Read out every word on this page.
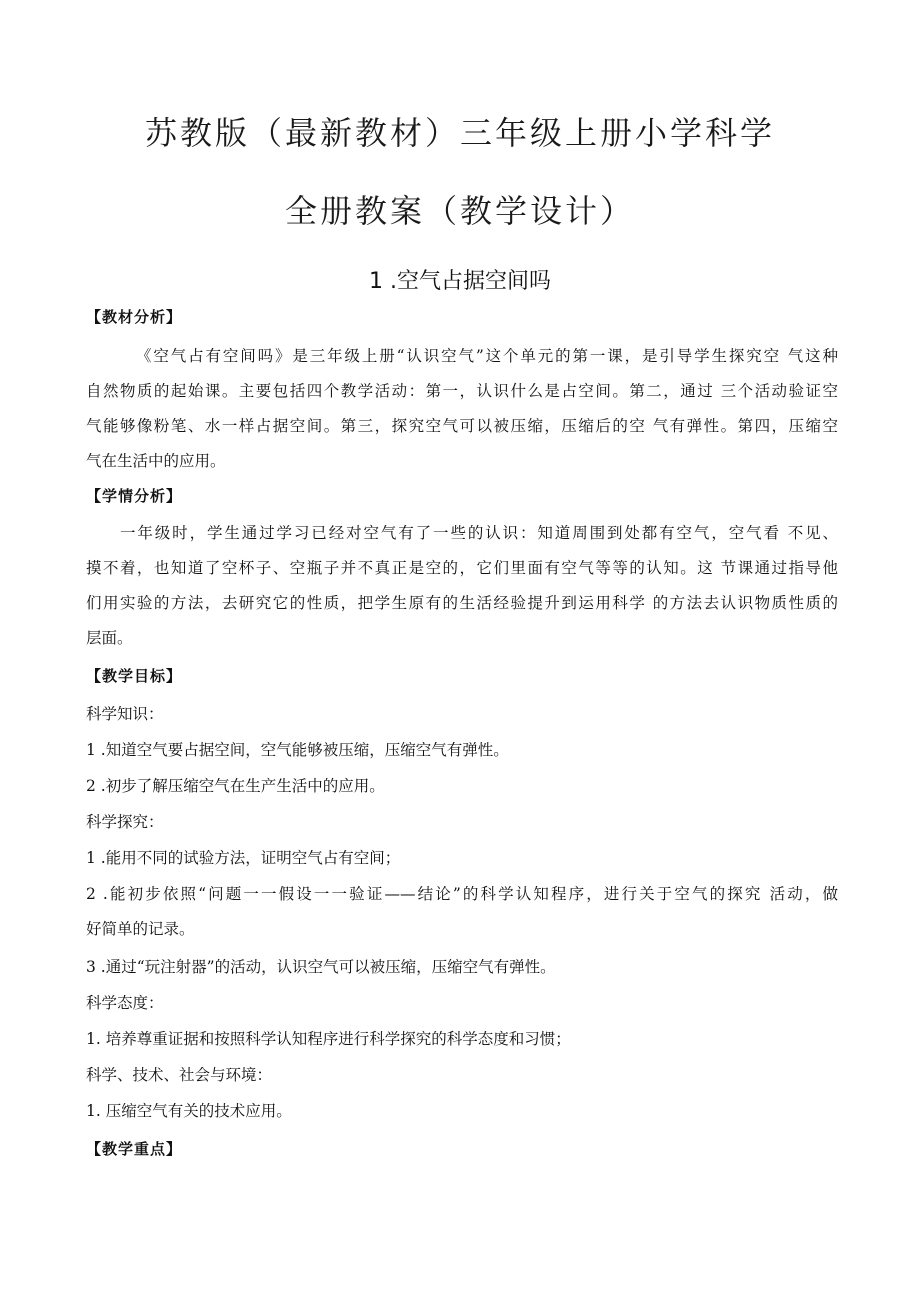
苏教版（最新教材）三年级上册小学科学
全册教案（教学设计）
1 .空气占据空间吗
【教材分析】
《空气占有空间吗》是三年级上册“认识空气”这个单元的第一课，是引导学生探究空 气这种
自然物质的起始课。主要包括四个教学活动：第一，认识什么是占空间。第二，通过 三个活动验证空
气能够像粉笔、水一样占据空间。第三，探究空气可以被压缩，压缩后的空 气有弹性。第四，压缩空
气在生活中的应用。
【学情分析】
一年级时，学生通过学习已经对空气有了一些的认识：知道周围到处都有空气，空气看 不见、
摸不着，也知道了空杯子、空瓶子并不真正是空的，它们里面有空气等等的认知。这 节课通过指导他
们用实验的方法，去研究它的性质，把学生原有的生活经验提升到运用科学 的方法去认识物质性质的
层面。
【教学目标】
科学知识：
1 .知道空气要占据空间，空气能够被压缩，压缩空气有弹性。
2 .初步了解压缩空气在生产生活中的应用。
科学探究：
1 .能用不同的试验方法，证明空气占有空间；
2 .能初步依照“问题一一假设一一验证——结论”的科学认知程序，进行关于空气的探究 活动，做
好简单的记录。
3 .通过“玩注射器”的活动，认识空气可以被压缩，压缩空气有弹性。
科学态度：
1. 培养尊重证据和按照科学认知程序进行科学探究的科学态度和习惯；
科学、技术、社会与环境：
1. 压缩空气有关的技术应用。
【教学重点】
